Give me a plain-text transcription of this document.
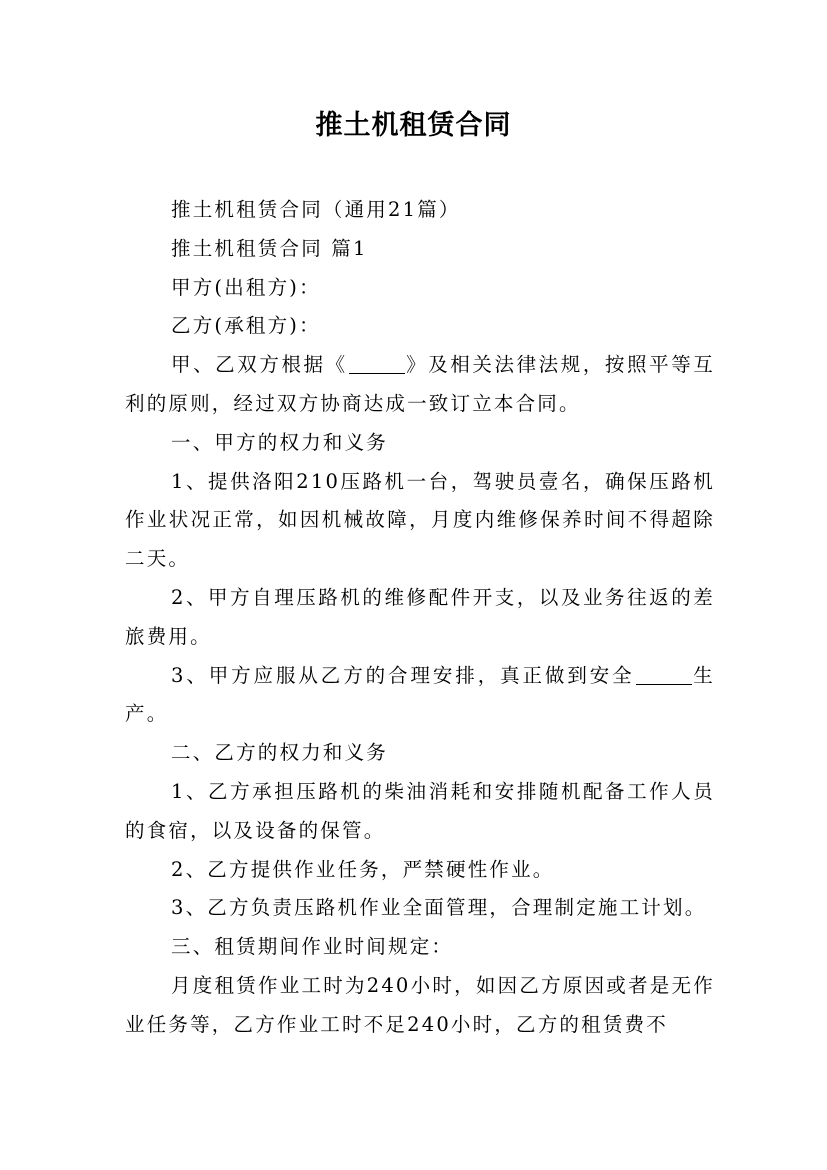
推土机租赁合同

推土机租赁合同（通用21篇）

推土机租赁合同 篇1

甲方(出租方)：

乙方(承租方)：

甲、乙双方根据《	》及相关法律法规，按照平等互利的原则，经过双方协商达成一致订立本合同。

一、甲方的权力和义务

1、提供洛阳210压路机一台，驾驶员壹名，确保压路机作业状况正常，如因机械故障，月度内维修保养时间不得超除二天。

2、甲方自理压路机的维修配件开支，以及业务往返的差旅费用。

3、甲方应服从乙方的合理安排，真正做到安全	生产。

二、乙方的权力和义务

1、乙方承担压路机的柴油消耗和安排随机配备工作人员的食宿，以及设备的保管。

2、乙方提供作业任务，严禁硬性作业。

3、乙方负责压路机作业全面管理，合理制定施工计划。

三、租赁期间作业时间规定：

月度租赁作业工时为240小时，如因乙方原因或者是无作业任务等，乙方作业工时不足240小时，乙方的租赁费不
